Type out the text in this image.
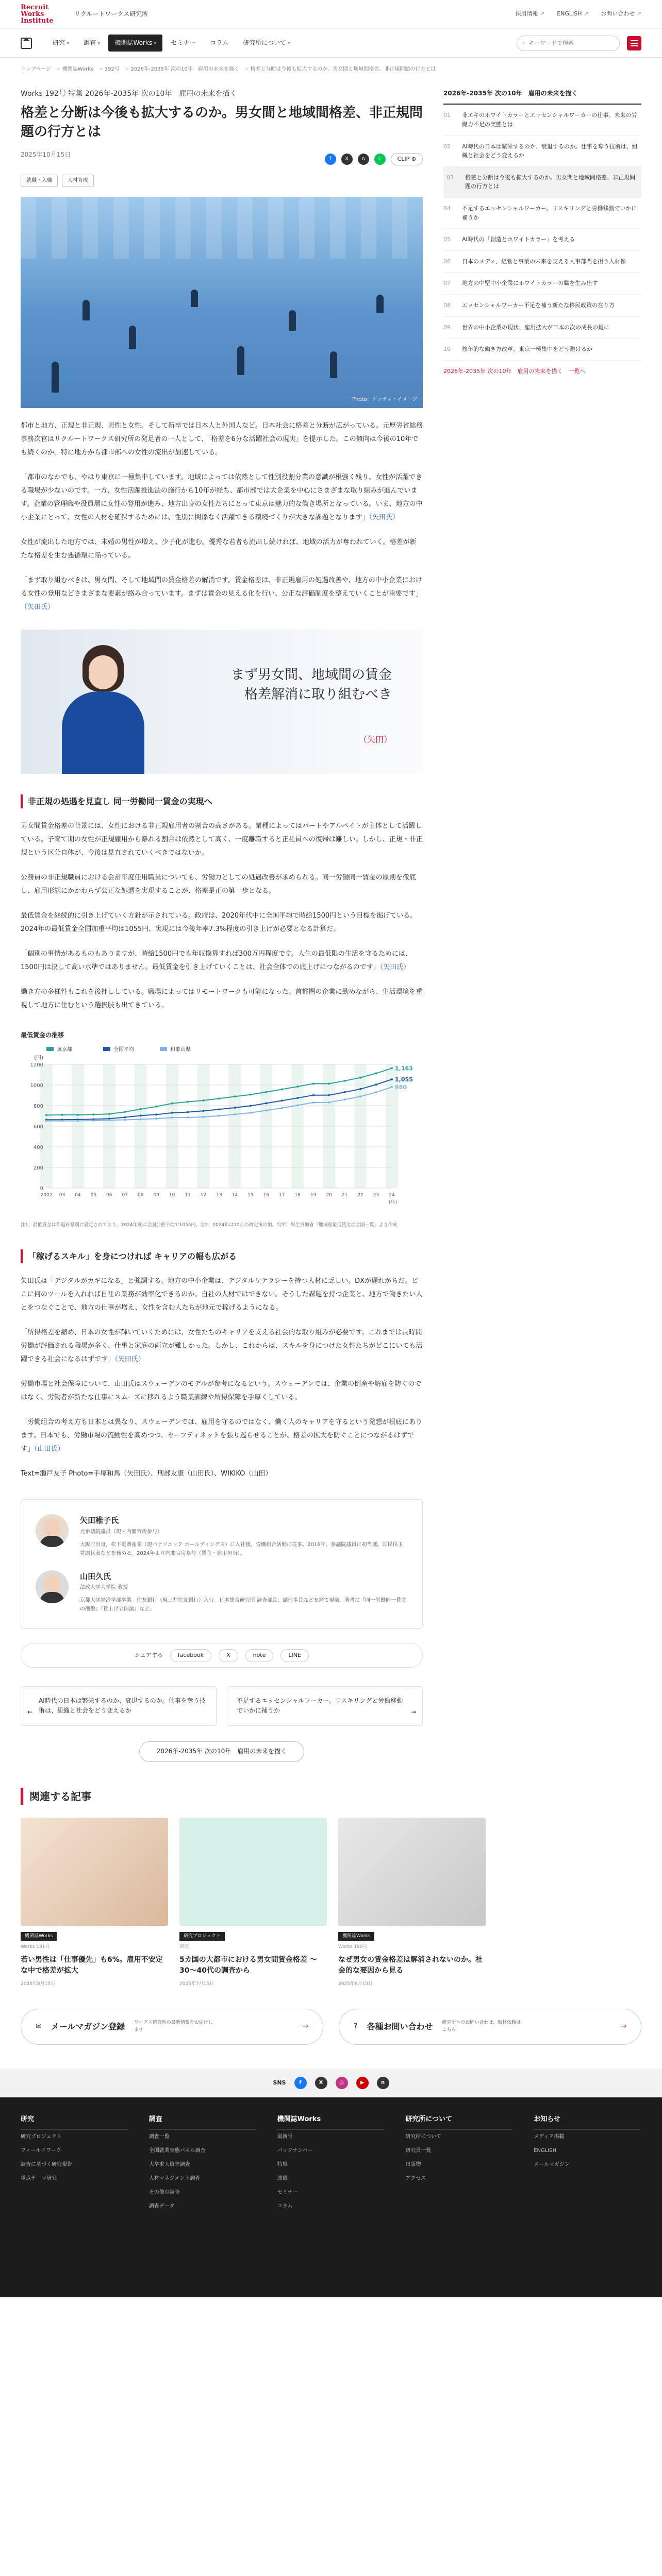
Recruit Works Institute
リクルートワークス研究所	採用情報 ↗	ENGLISH ↗	お問い合わせ ↗
研究 ▾	調査 ▾	機関誌Works ▾	セミナー	コラム	研究所について ▾	⌕
キーワードで検索
トップページ	> 機関誌Works	> 192号	> 2026年-2035年 次の10年　雇用の未来を描く	> 格差と分断は今後も拡大するのか。男女間と地域間格差、非正規問題の行方とは
Works 192号 特集 2026年-2035年 次の10年　雇用の未来を描く
格差と分断は今後も拡大するのか。男女間と地域間格差、非正規問題の行方とは
2025年10月15日
f	X	n	L	CLIP ⊕
就職・入職	人材育成
Photo：ゲッティ・イメージ

都市と地方、正規と非正規、男性と女性。そして新卒では日本人と外国人など。日本社会に格差と分断が広がっている。元厚労省総務事務次官はリクルートワークス研究所の発足者の一人として、「格差を6分な活躍社会の現実」を提示した。この傾向は今後の10年でも続くのか。特に地方から都市部への女性の流出が加速している。

「都市のなかでも、やはり東京に一極集中しています。地域によっては依然として性別役割分業の意識が根強く残り、女性が活躍できる職場が少ないのです。一方、女性活躍推進法の施行から10年が経ち、都市部では大企業を中心にさまざまな取り組みが進んでいます。企業の管理職や役員層に女性の登用が進み、地方出身の女性たちにとって東京は魅力的な働き場所となっている。いま、地方の中小企業にとって、女性の人材を確保するためには、性別に関係なく活躍できる環境づくりが大きな課題となります」（矢田氏）

女性が流出した地方では、未婚の男性が増え、少子化が進む。優秀な若者も流出し続ければ、地域の活力が奪われていく。格差が新たな格差を生む悪循環に陥っている。

「まず取り組むべきは、男女間、そして地域間の賃金格差の解消です。賃金格差は、非正規雇用の処遇改善や、地方の中小企業における女性の登用などさまざまな要素が絡み合っています。まずは賃金の見える化を行い、公正な評価制度を整えていくことが重要です」（矢田氏）

まず男女間、地域間の賃金格差解消に取り組むべき
（矢田）
非正規の処遇を見直し 同一労働同一賃金の実現へ

男女間賃金格差の背景には、女性における非正規雇用者の割合の高さがある。業種によってはパートやアルバイトが主体として活躍している。子育て期の女性が正規雇用から離れる割合は依然として高く、一度離職すると正社員への復帰は難しい。しかし、正規・非正規という区分自体が、今後は見直されていくべきではないか。

公務員の非正規職員における会計年度任用職員についても、労働力としての処遇改善が求められる。同一労働同一賃金の原則を徹底し、雇用形態にかかわらず公正な処遇を実現することが、格差是正の第一歩となる。

最低賃金を継続的に引き上げていく方針が示されている。政府は、2020年代中に全国平均で時給1500円という目標を掲げている。2024年の最低賃金全国加重平均は1055円、実現には今後年率7.3%程度の引き上げが必要となる計算だ。

「個別の事情があるものもありますが、時給1500円でも年収換算すれば300万円程度です。人生の最低限の生活を守るためには、1500円は決して高い水準ではありません。最低賃金を引き上げていくことは、社会全体での底上げにつながるのです」（矢田氏）

働き方の多様性もこれを後押ししている。職場によってはリモートワークも可能になった。首都圏の企業に勤めながら、生活環境を重視して地方に住むという選択肢も出てきている。

最低賃金の推移
0
200
400
600
800
1000
1200
(円)
2002 03 04 05 06 07 08 09 10 11 12 13 14 15 16 17 18 19 20 21 22 23 24
(年)
1,163
東京都
1,055
全国平均
980
和歌山県
注1：最低賃金は都道府県別に設定されており、2024年度は全国加重平均で1055円。注2：2024年は10月の改定後の額。出所：厚生労働省『地域別最低賃金の全国一覧』より作成
「稼げるスキル」を身につければ キャリアの幅も広がる

矢田氏は「デジタルがカギになる」と強調する。地方の中小企業は、デジタルリテラシーを持つ人材に乏しい。DXが遅れがちだ。どこに何のツールを入れれば自社の業務が効率化できるのか。自社の人材ではできない。そうした課題を持つ企業と、地方で働きたい人とをつなぐことで、地方の仕事が増え、女性を含む人たちが地元で稼げるようになる。

「所得格差を縮め、日本の女性が輝いていくためには、女性たちのキャリアを支える社会的な取り組みが必要です。これまでは長時間労働が評価される職場が多く、仕事と家庭の両立が難しかった。しかし、これからは、スキルを身につけた女性たちがどこにいても活躍できる社会になるはずです」（矢田氏）

労働市場と社会保障について、山田氏はスウェーデンのモデルが参考になるという。スウェーデンでは、企業の倒産や解雇を防ぐのではなく、労働者が新たな仕事にスムーズに移れるよう職業訓練や所得保障を手厚くしている。

「労働組合の考え方も日本とは異なり、スウェーデンでは、雇用を守るのではなく、働く人のキャリアを守るという発想が根底にあります。日本でも、労働市場の流動性を高めつつ、セーフティネットを張り巡らせることが、格差の拡大を防ぐことにつながるはずです」（山田氏）

Text=瀬戸友子 Photo=手塚和馬（矢田氏）、刑部友康（山田氏）、WIKIKO（山田）

矢田稚子氏
元参議院議員（現・内閣官房参与）
大阪府出身。松下電器産業（現パナソニック ホールディングス）に入社後、労働組合活動に従事。2016年、参議院議員に初当選。国民民主党副代表などを務める。2024年より内閣官房参与（賃金・雇用担当）。
山田久氏
法政大学大学院 教授
京都大学経済学部卒業。住友銀行（現三井住友銀行）入行。日本総合研究所 調査部長、副理事長などを経て現職。著書に『同一労働同一賃金の衝撃』『賃上げ立国論』など。
シェアする	facebook	X	note	LINE
← AI時代の日本は繁栄するのか、衰退するのか。仕事を奪う技術は、組織と社会をどう変えるか
不足するエッセンシャルワーカー。リスキリングと労働移動でいかに補うか →
2026年-2035年 次の10年　雇用の未来を描く
2026年-2035年 次の10年　雇用の未来を描く
01	非エキのホワイトカラーとエッセンシャルワーカーの仕事。未来の労働力不足の実態とは
02	AI時代の日本は繁栄するのか、衰退するのか。仕事を奪う技術は、組織と社会をどう変えるか
03	格差と分断は今後も拡大するのか。男女間と地域間格差、非正規問題の行方とは
04	不足するエッセンシャルワーカー。リスキリングと労働移動でいかに補うか
05	AI時代の「創造とホワイトカラー」を考える
06	日本のメディ、経営と事業の未来を支える人事部門を担う人材像
07	地方の中堅中小企業にホワイトカラーの職を生み出す
08	エッセンシャルワーカー不足を補う新たな移民政策の在り方
09	世界の中小企業の現状、雇用拡大が日本の次の成長の鍵に
10	熟年的な働き方改革、東京一極集中をどう避けるか
2026年-2035年 次の10年　雇用の未来を描く　一覧へ
関連する記事
機関誌Works
Works 191号
若い男性は「仕事優先」も6%。雇用不安定な中で格差が拡大
2025年8月15日
研究プロジェクト
研究
5カ国の大都市における男女間賃金格差 〜30〜40代の調査から
2025年7月15日
機関誌Works
Works 190号
なぜ男女の賃金格差は解消されないのか。社会的な要因から見る
2025年6月15日
✉ メールマガジン登録 ワークス研究所の最新情報をお届けします	→	? 各種お問い合わせ 研究所へのお問い合わせ、取材依頼はこちら	→
SNS	f	X	◎	▶	n
研究
研究プロジェクト
フィールドワーク
調査に基づく研究報告
重点テーマ研究
調査
調査一覧
全国就業実態パネル調査
大卒求人倍率調査
人材マネジメント調査
その他の調査
調査データ
機関誌Works
最新号
バックナンバー
特集
連載
セミナー
コラム
研究所について
研究所について
研究員一覧
出版物
アクセス
お知らせ
メディア掲載
ENGLISH
メールマガジン
